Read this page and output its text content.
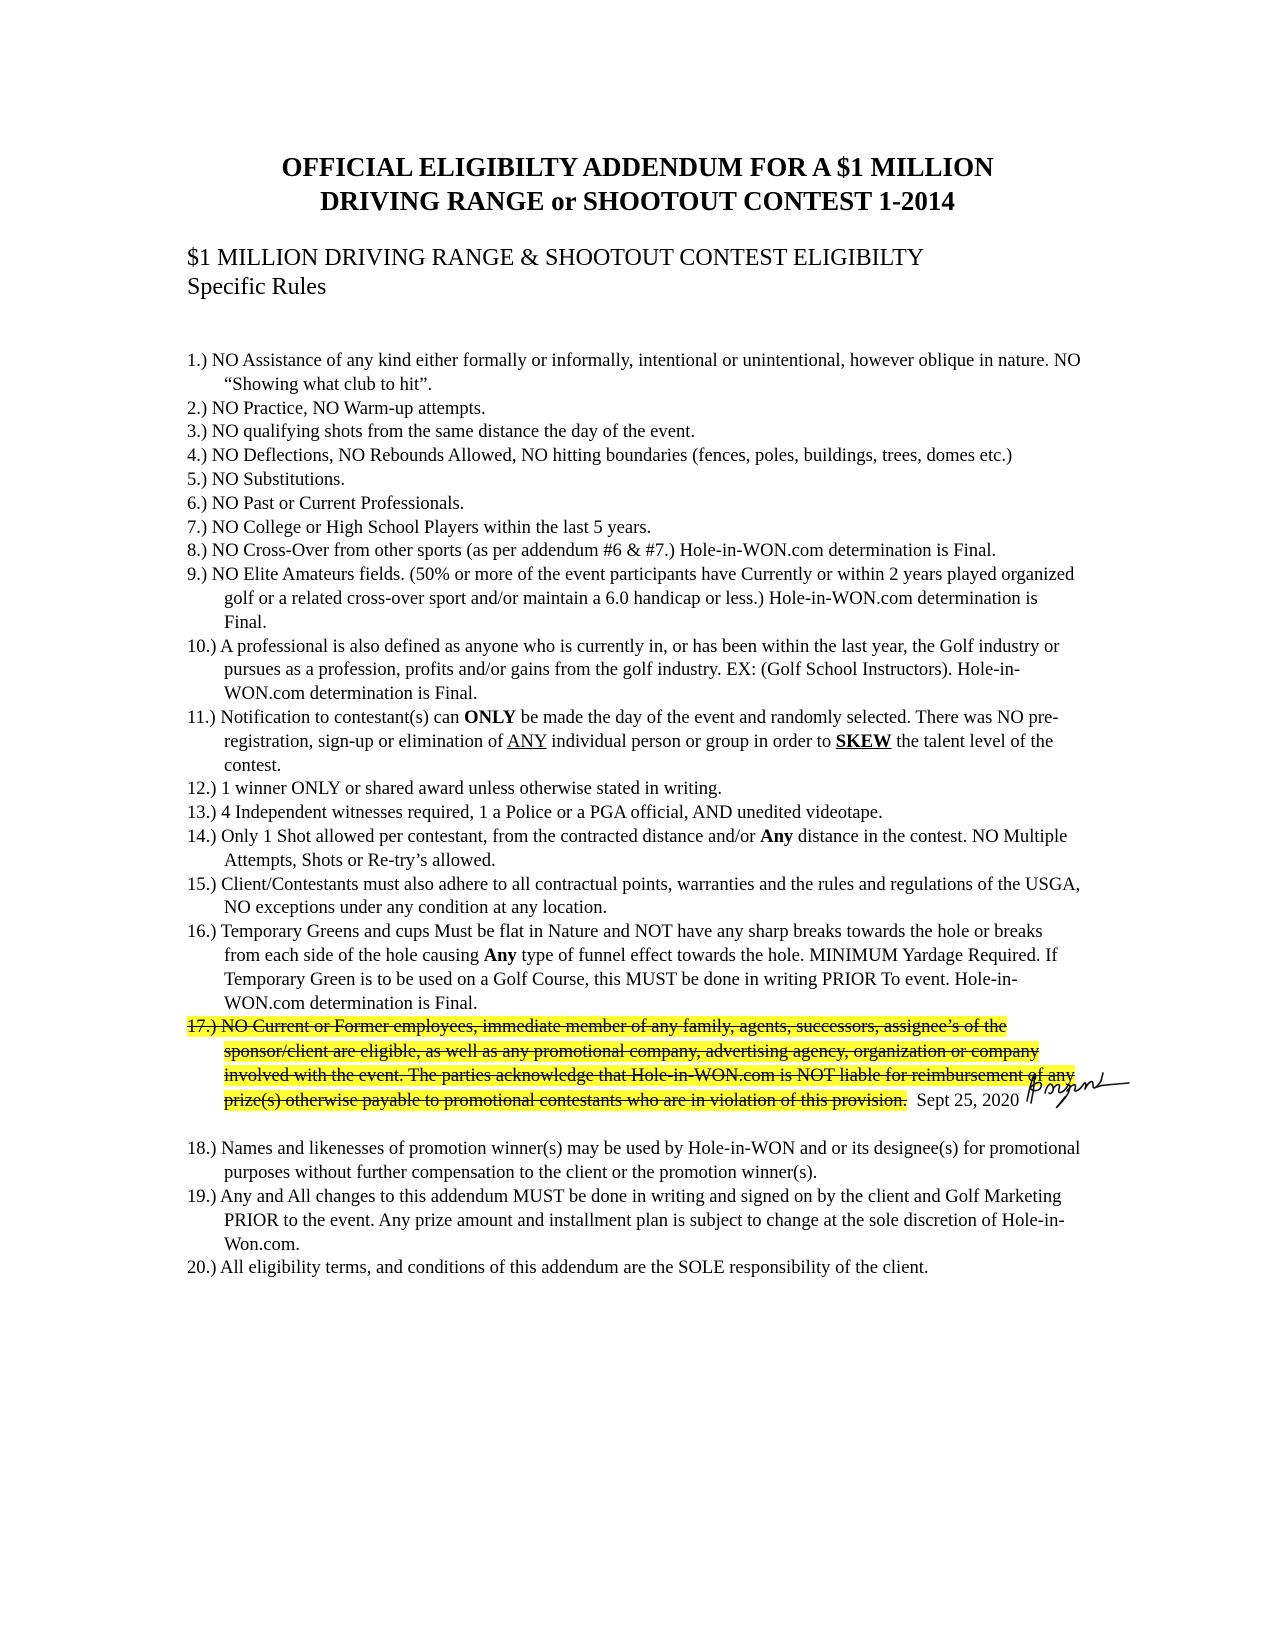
OFFICIAL ELIGIBILTY ADDENDUM FOR A $1 MILLION
DRIVING RANGE or SHOOTOUT CONTEST 1-2014
$1 MILLION DRIVING RANGE & SHOOTOUT CONTEST ELIGIBILTY
Specific Rules
1.) NO Assistance of any kind either formally or informally, intentional or unintentional, however oblique in nature. NO “Showing what club to hit”.
2.) NO Practice, NO Warm-up attempts.
3.) NO qualifying shots from the same distance the day of the event.
4.) NO Deflections, NO Rebounds Allowed, NO hitting boundaries (fences, poles, buildings, trees, domes etc.)
5.) NO Substitutions.
6.) NO Past or Current Professionals.
7.) NO College or High School Players within the last 5 years.
8.) NO Cross-Over from other sports (as per addendum #6 & #7.) Hole-in-WON.com determination is Final.
9.) NO Elite Amateurs fields. (50% or more of the event participants have Currently or within 2 years played organized golf or a related cross-over sport and/or maintain a 6.0 handicap or less.) Hole-in-WON.com determination is Final.
10.) A professional is also defined as anyone who is currently in, or has been within the last year, the Golf industry or pursues as a profession, profits and/or gains from the golf industry. EX: (Golf School Instructors). Hole-in-WON.com determination is Final.
11.) Notification to contestant(s) can ONLY be made the day of the event and randomly selected. There was NO pre-registration, sign-up or elimination of ANY individual person or group in order to SKEW the talent level of the contest.
12.) 1 winner ONLY or shared award unless otherwise stated in writing.
13.) 4 Independent witnesses required, 1 a Police or a PGA official, AND unedited videotape.
14.) Only 1 Shot allowed per contestant, from the contracted distance and/or Any distance in the contest. NO Multiple Attempts, Shots or Re-try’s allowed.
15.) Client/Contestants must also adhere to all contractual points, warranties and the rules and regulations of the USGA, NO exceptions under any condition at any location.
16.) Temporary Greens and cups Must be flat in Nature and NOT have any sharp breaks towards the hole or breaks from each side of the hole causing Any type of funnel effect towards the hole. MINIMUM Yardage Required. If Temporary Green is to be used on a Golf Course, this MUST be done in writing PRIOR To event. Hole-in-WON.com determination is Final.
17.) NO Current or Former employees, immediate member of any family, agents, successors, assignee’s of the sponsor/client are eligible, as well as any promotional company, advertising agency, organization or company involved with the event. The parties acknowledge that Hole-in-WON.com is NOT liable for reimbursement of any prize(s) otherwise payable to promotional contestants who are in violation of this provision. Sept 25, 2020
18.) Names and likenesses of promotion winner(s) may be used by Hole-in-WON and or its designee(s) for promotional purposes without further compensation to the client or the promotion winner(s).
19.) Any and All changes to this addendum MUST be done in writing and signed on by the client and Golf Marketing PRIOR to the event. Any prize amount and installment plan is subject to change at the sole discretion of Hole-in-Won.com.
20.) All eligibility terms, and conditions of this addendum are the SOLE responsibility of the client.
